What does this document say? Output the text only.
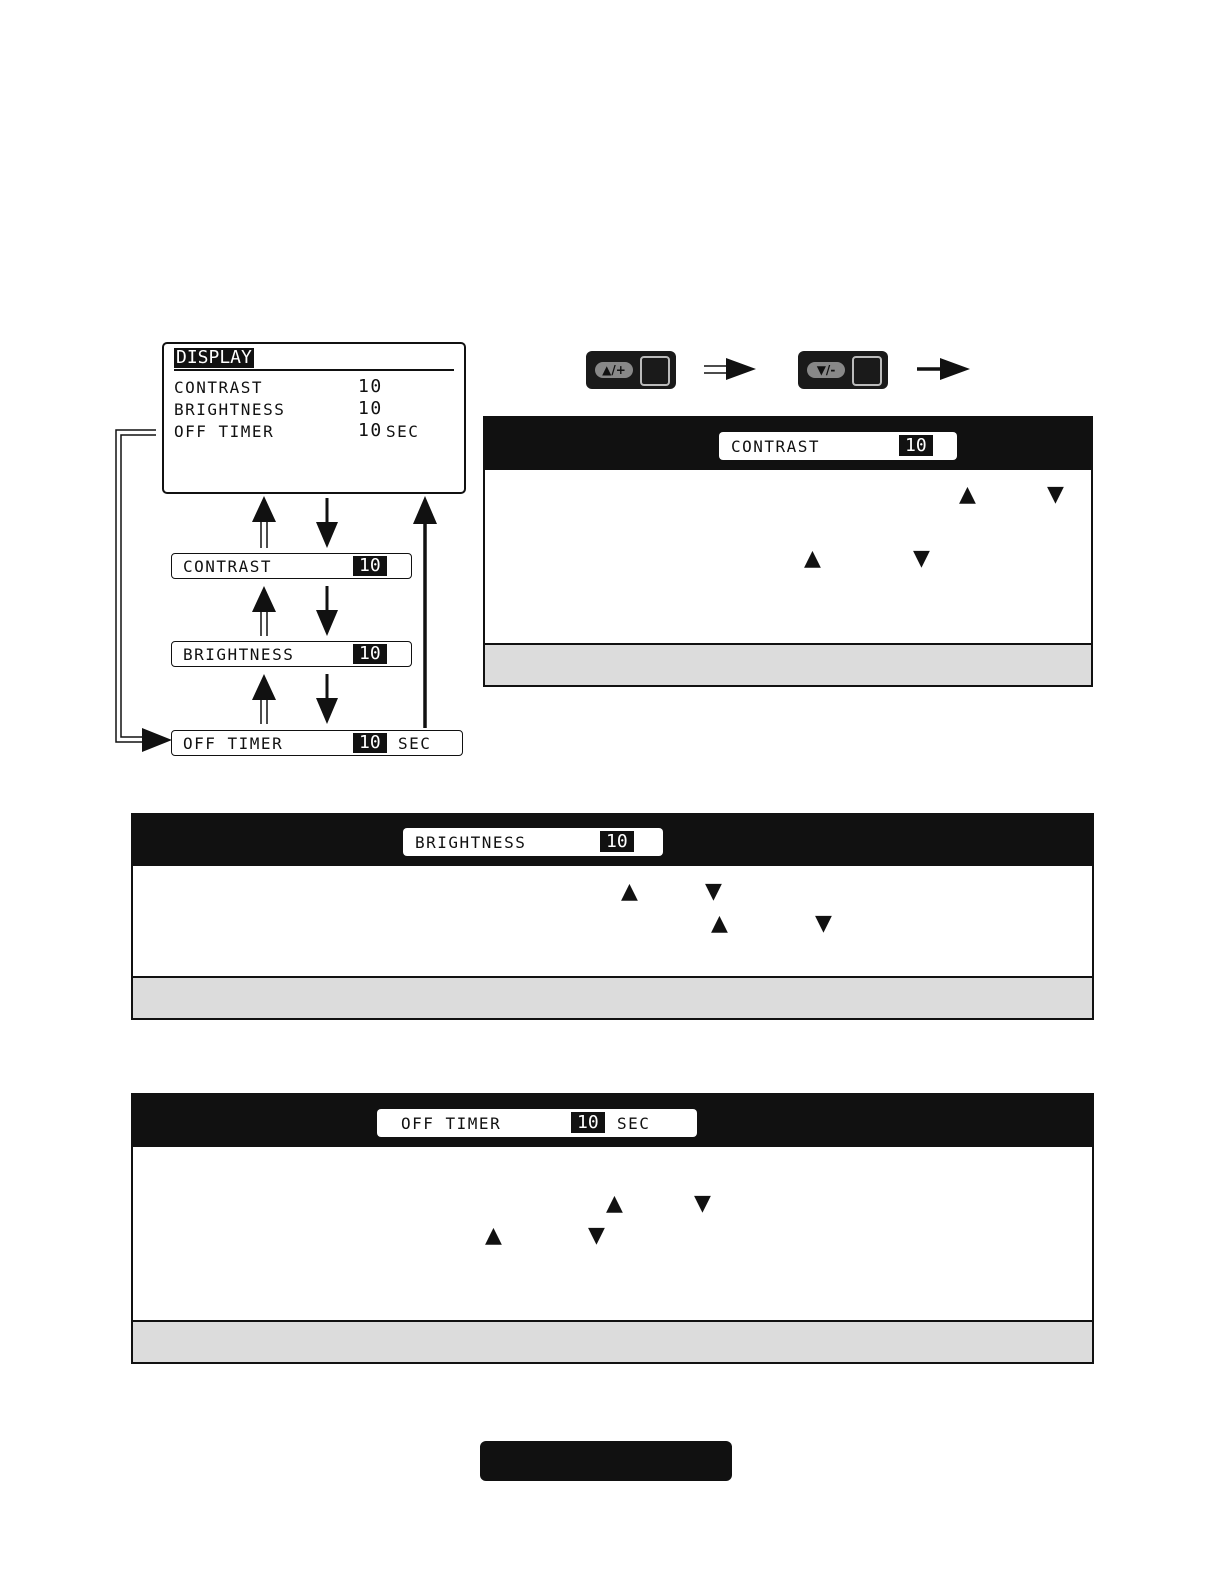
DISPLAY
CONTRAST	10
BRIGHTNESS	10
OFF TIMER	10 SEC
CONTRAST	10
BRIGHTNESS	10
OFF TIMER	10	SEC
▲/+	▼/-
CONTRAST	10
▲	▼
▲	▼
BRIGHTNESS	10
▲	▼
▲	▼
OFF TIMER	10	SEC
▲	▼
▲	▼
